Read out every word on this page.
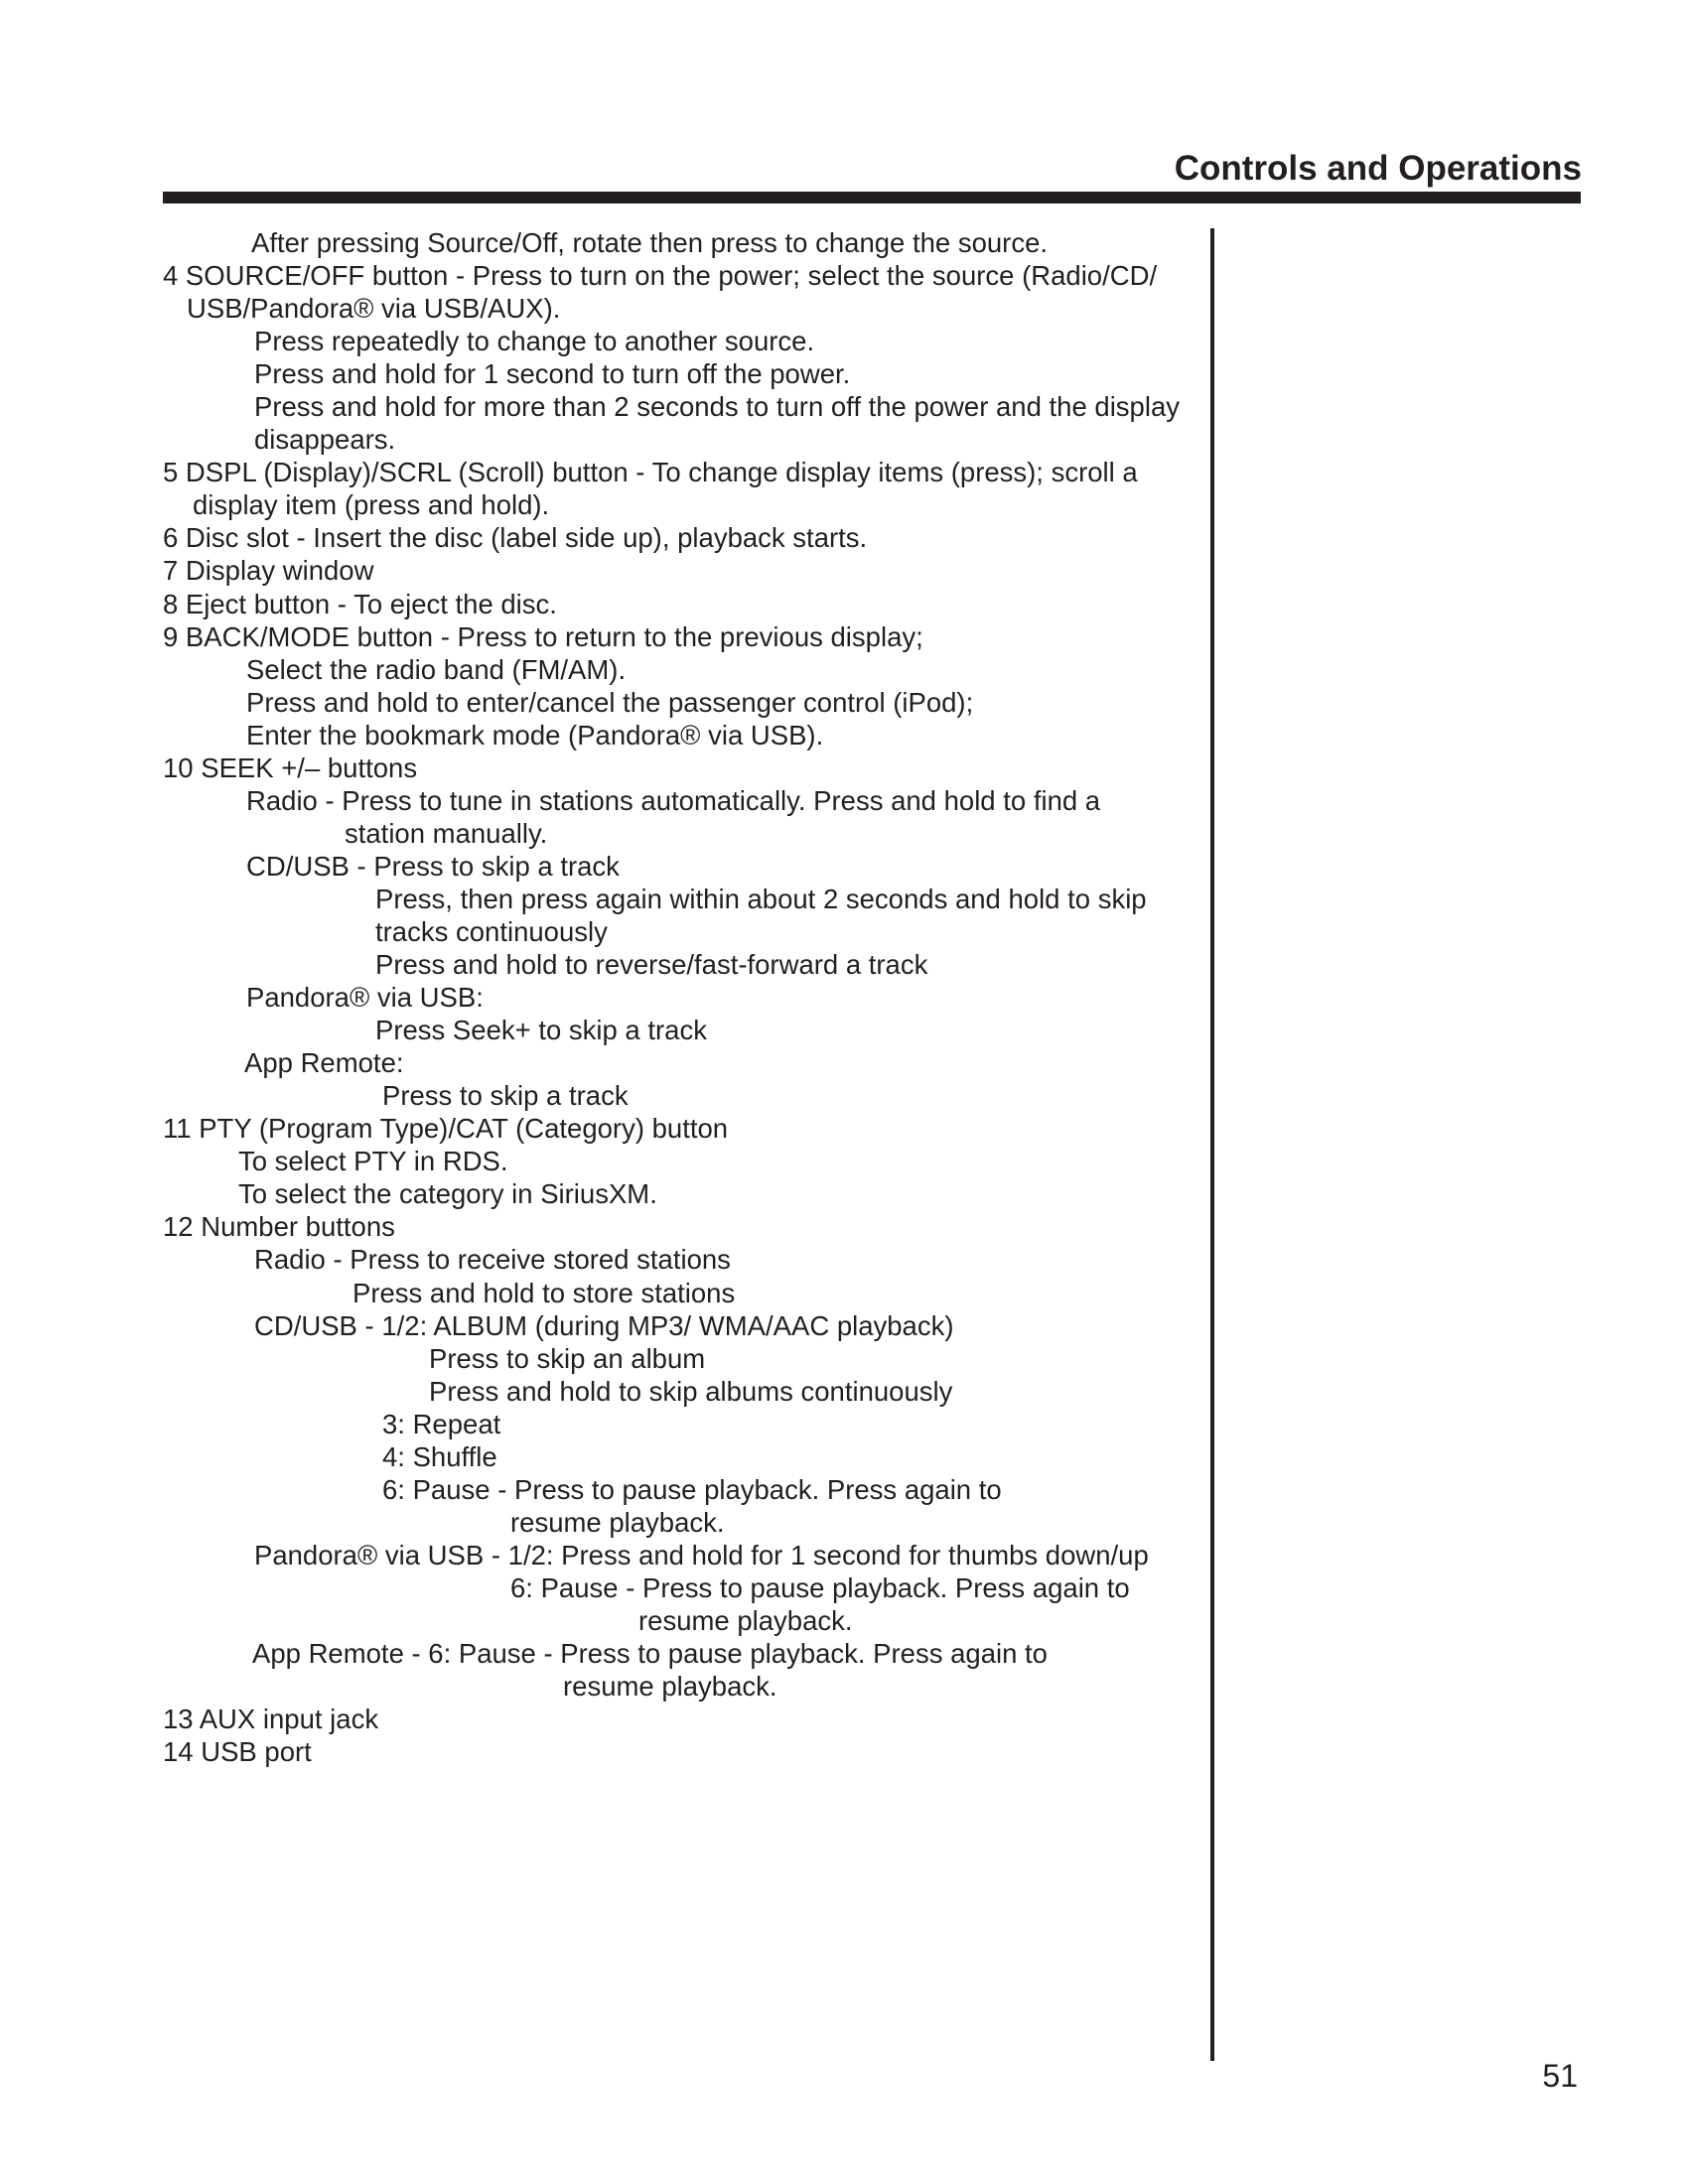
Controls and Operations
After pressing Source/Off, rotate then press to change the source.
4 SOURCE/OFF button - Press to turn on the power; select the source (Radio/CD/
USB/Pandora® via USB/AUX).
Press repeatedly to change to another source.
Press and hold for 1 second to turn off the power.
Press and hold for more than 2 seconds to turn off the power and the display
disappears.
5 DSPL (Display)/SCRL (Scroll) button - To change display items (press); scroll a
display item (press and hold).
6 Disc slot - Insert the disc (label side up), playback starts.
7 Display window
8 Eject button - To eject the disc.
9 BACK/MODE button - Press to return to the previous display;
Select the radio band (FM/AM).
Press and hold to enter/cancel the passenger control (iPod);
Enter the bookmark mode (Pandora® via USB).
10 SEEK +/– buttons
Radio - Press to tune in stations automatically. Press and hold to find a
station manually.
CD/USB - Press to skip a track
Press, then press again within about 2 seconds and hold to skip
tracks continuously
Press and hold to reverse/fast-forward a track
Pandora® via USB:
Press Seek+ to skip a track
App Remote:
Press to skip a track
11 PTY (Program Type)/CAT (Category) button
To select PTY in RDS.
To select the category in SiriusXM.
12 Number buttons
Radio - Press to receive stored stations
Press and hold to store stations
CD/USB - 1/2: ALBUM (during MP3/ WMA/AAC playback)
Press to skip an album
Press and hold to skip albums continuously
3: Repeat
4: Shuffle
6: Pause - Press to pause playback. Press again to
resume playback.
Pandora® via USB - 1/2: Press and hold for 1 second for thumbs down/up
6: Pause - Press to pause playback. Press again to
resume playback.
App Remote - 6: Pause - Press to pause playback. Press again to
resume playback.
13 AUX input jack
14 USB port
51
